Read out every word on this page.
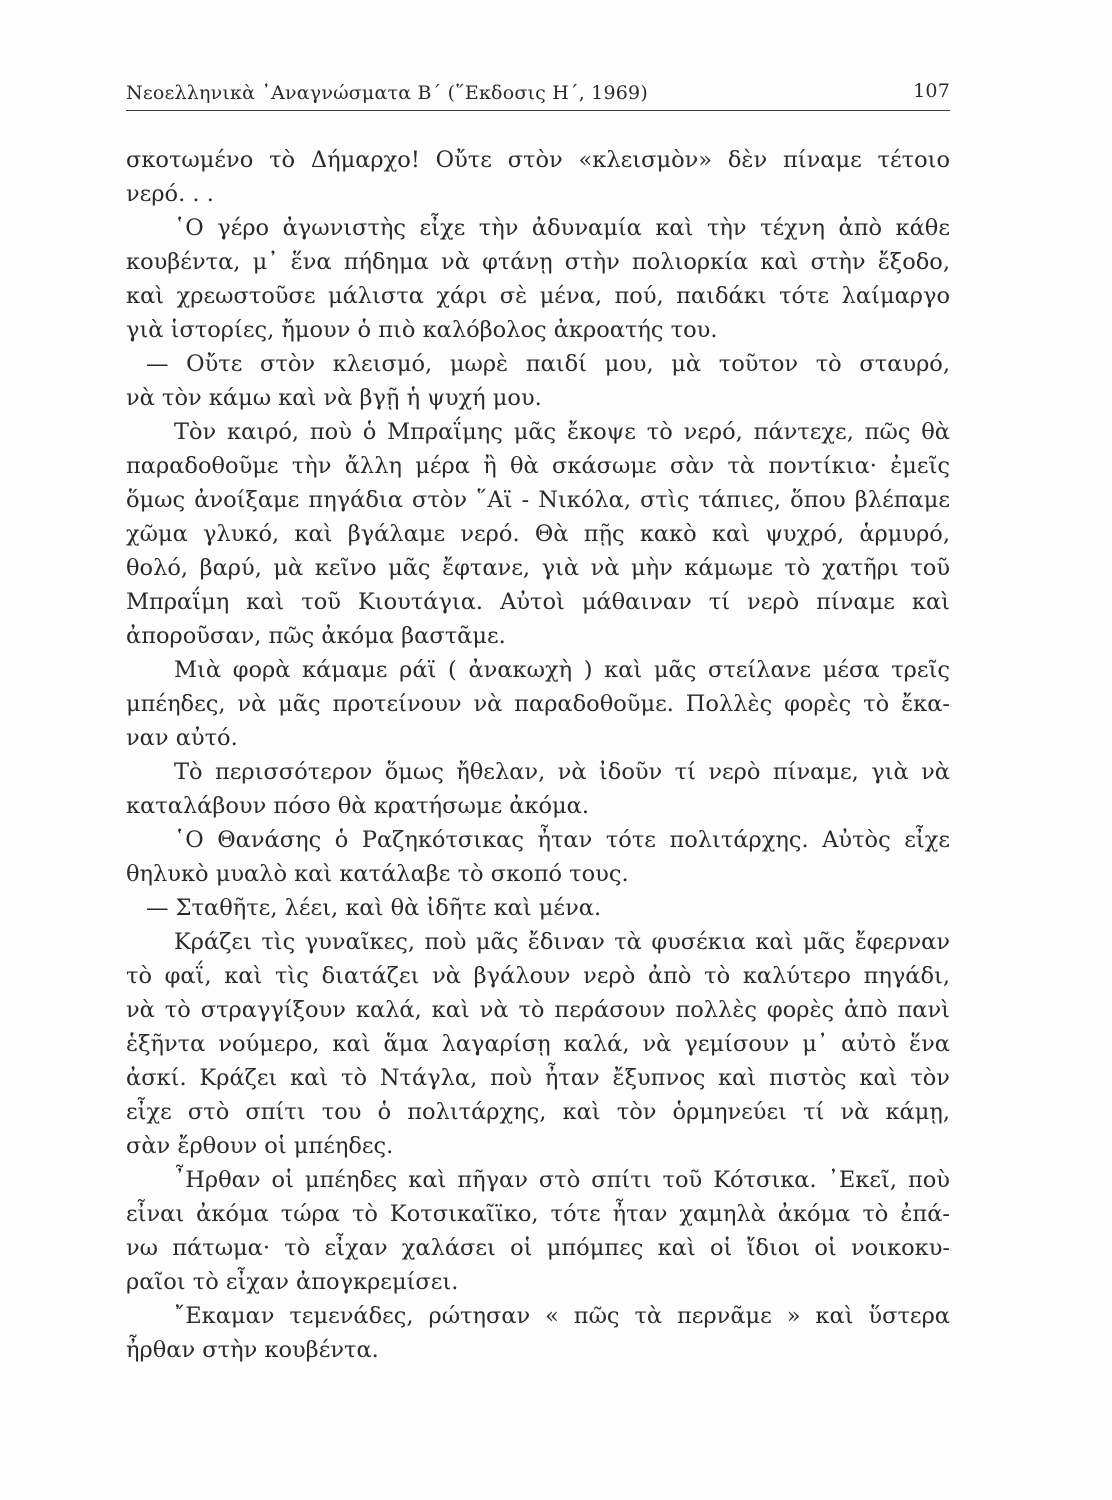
Νεοελληνικὰ ᾿Αναγνώσματα Β΄ (῞Εκδοσις Η΄, 1969)	107
σκοτωμένο τὸ Δήμαρχο! Οὔτε στὸν «κλεισμὸν» δὲν πίναμε τέτοιο
νερό. . .
῾Ο γέρο ἀγωνιστὴς εἶχε τὴν ἀδυναμία καὶ τὴν τέχνη ἀπὸ κάθε
κουβέντα, μ᾿ ἕνα πήδημα νὰ φτάνῃ στὴν πολιορκία καὶ στὴν ἔξοδο,
καὶ χρεωστοῦσε μάλιστα χάρι σὲ μένα, πού, παιδάκι τότε λαίμαργο
γιὰ ἱστορίες, ἤμουν ὁ πιὸ καλόβολος ἀκροατής του.
— Οὔτε στὸν κλεισμό, μωρὲ παιδί μου, μὰ τοῦτον τὸ σταυρό,
νὰ τὸν κάμω καὶ νὰ βγῇ ἡ ψυχή μου.
Τὸν καιρό, ποὺ ὁ Μπραΐμης μᾶς ἔκοψε τὸ νερό, πάντεχε, πῶς θὰ
παραδοθοῦμε τὴν ἄλλη μέρα ἢ θὰ σκάσωμε σὰν τὰ ποντίκια· ἐμεῖς
ὅμως ἀνοίξαμε πηγάδια στὸν ῞Αϊ - Νικόλα, στὶς τάπιες, ὅπου βλέπαμε
χῶμα γλυκό, καὶ βγάλαμε νερό. Θὰ πῇς κακὸ καὶ ψυχρό, ἁρμυρό,
θολό, βαρύ, μὰ κεῖνο μᾶς ἔφτανε, γιὰ νὰ μὴν κάμωμε τὸ χατῆρι τοῦ
Μπραΐμη καὶ τοῦ Κιουτάγια. Αὐτοὶ μάθαιναν τί νερὸ πίναμε καὶ
ἀποροῦσαν, πῶς ἀκόμα βαστᾶμε.
Μιὰ φορὰ κάμαμε ράϊ ( ἀνακωχὴ ) καὶ μᾶς στείλανε μέσα τρεῖς
μπέηδες, νὰ μᾶς προτείνουν νὰ παραδοθοῦμε. Πολλὲς φορὲς τὸ ἔκα-
ναν αὐτό.
Τὸ περισσότερον ὅμως ἤθελαν, νὰ ἰδοῦν τί νερὸ πίναμε, γιὰ νὰ
καταλάβουν πόσο θὰ κρατήσωμε ἀκόμα.
῾Ο Θανάσης ὁ Ραζηκότσικας ἦταν τότε πολιτάρχης. Αὐτὸς εἶχε
θηλυκὸ μυαλὸ καὶ κατάλαβε τὸ σκοπό τους.
— Σταθῆτε, λέει, καὶ θὰ ἰδῆτε καὶ μένα.
Κράζει τὶς γυναῖκες, ποὺ μᾶς ἔδιναν τὰ φυσέκια καὶ μᾶς ἔφερναν
τὸ φαΐ, καὶ τὶς διατάζει νὰ βγάλουν νερὸ ἀπὸ τὸ καλύτερο πηγάδι,
νὰ τὸ στραγγίξουν καλά, καὶ νὰ τὸ περάσουν πολλὲς φορὲς ἀπὸ πανὶ
ἑξῆντα νούμερο, καὶ ἅμα λαγαρίσῃ καλά, νὰ γεμίσουν μ᾿ αὐτὸ ἕνα
ἀσκί. Κράζει καὶ τὸ Ντάγλα, ποὺ ἦταν ἔξυπνος καὶ πιστὸς καὶ τὸν
εἶχε στὸ σπίτι του ὁ πολιτάρχης, καὶ τὸν ὁρμηνεύει τί νὰ κάμῃ,
σὰν ἔρθουν οἱ μπέηδες.
῏Ηρθαν οἱ μπέηδες καὶ πῆγαν στὸ σπίτι τοῦ Κότσικα. ᾿Εκεῖ, ποὺ
εἶναι ἀκόμα τώρα τὸ Κοτσικαῖϊκο, τότε ἦταν χαμηλὰ ἀκόμα τὸ ἐπά-
νω πάτωμα· τὸ εἶχαν χαλάσει οἱ μπόμπες καὶ οἱ ἴδιοι οἱ νοικοκυ-
ραῖοι τὸ εἶχαν ἀπογκρεμίσει.
῎Εκαμαν τεμενάδες, ρώτησαν « πῶς τὰ περνᾶμε » καὶ ὕστερα
ἦρθαν στὴν κουβέντα.
